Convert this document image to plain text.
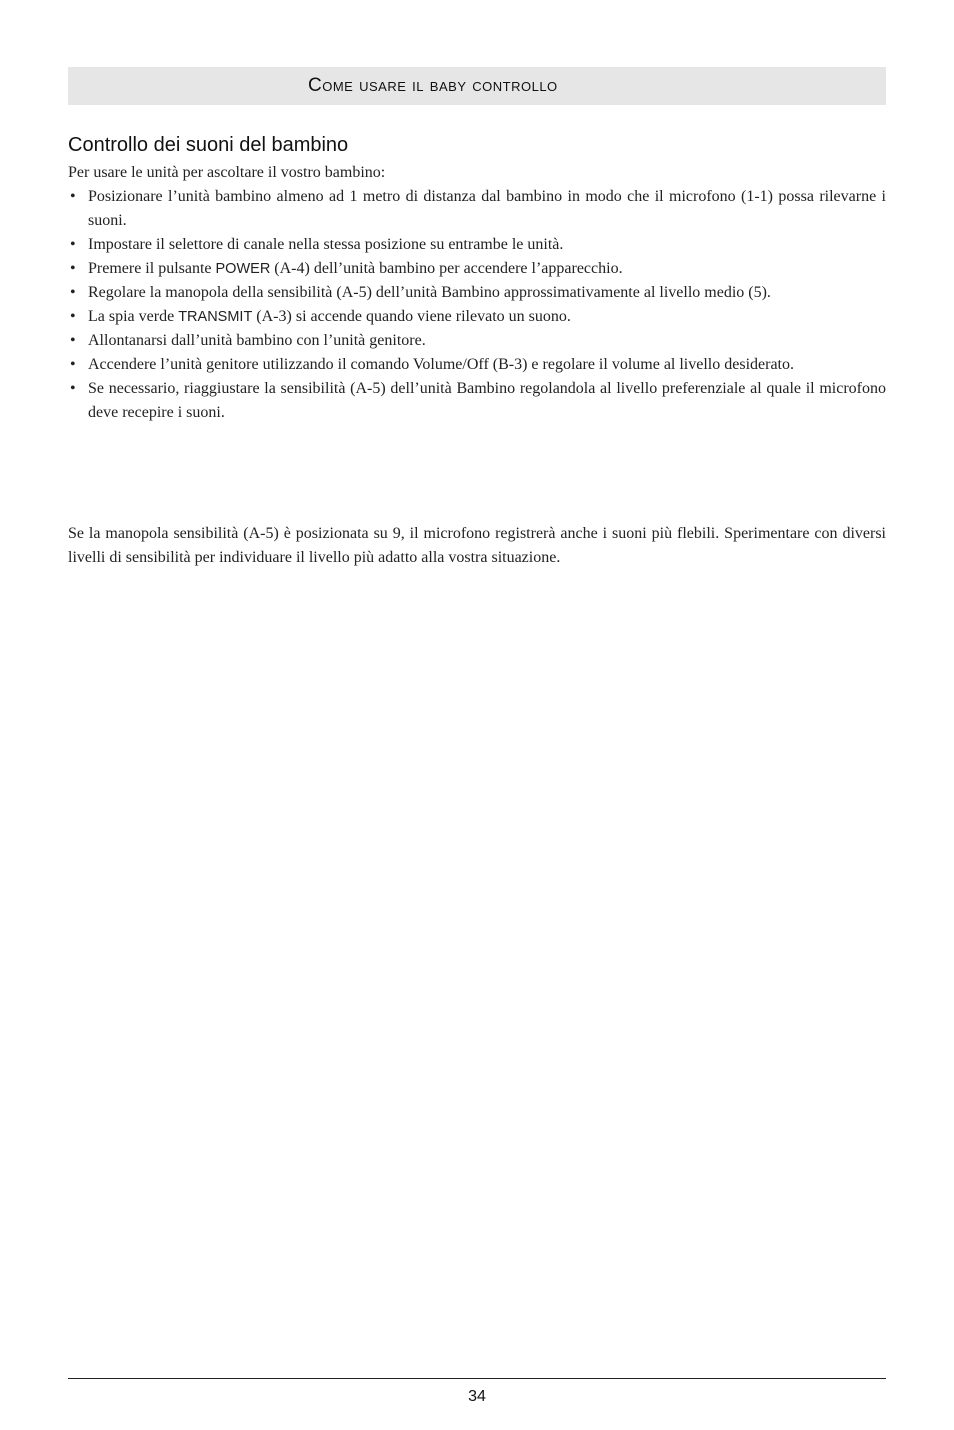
Come usare il baby controllo
Controllo dei suoni del bambino

Per usare le unità per ascoltare il vostro bambino:

• Posizionare l’unità bambino almeno ad 1 metro di distanza dal bambino in modo che il microfono (1-1) possa rilevarne i suoni.
• Impostare il selettore di canale nella stessa posizione su entrambe le unità.
• Premere il pulsante POWER (A-4) dell’unità bambino per accendere l’apparecchio.
• Regolare la manopola della sensibilità (A-5) dell’unità Bambino approssimativamente al livello medio (5).
• La spia verde TRANSMIT (A-3) si accende quando viene rilevato un suono.
• Allontanarsi dall’unità bambino con l’unità genitore.
• Accendere l’unità genitore utilizzando il comando Volume/Off (B-3) e regolare il volume al livello desiderato.
• Se necessario, riaggiustare la sensibilità (A-5) dell’unità Bambino regolandola al livello preferenziale al quale il microfono deve recepire i suoni.

Se la manopola sensibilità (A-5) è posizionata su 9, il microfono registrerà anche i suoni più flebili. Sperimentare con diversi livelli di sensibilità per individuare il livello più adatto alla vostra situazione.

34
